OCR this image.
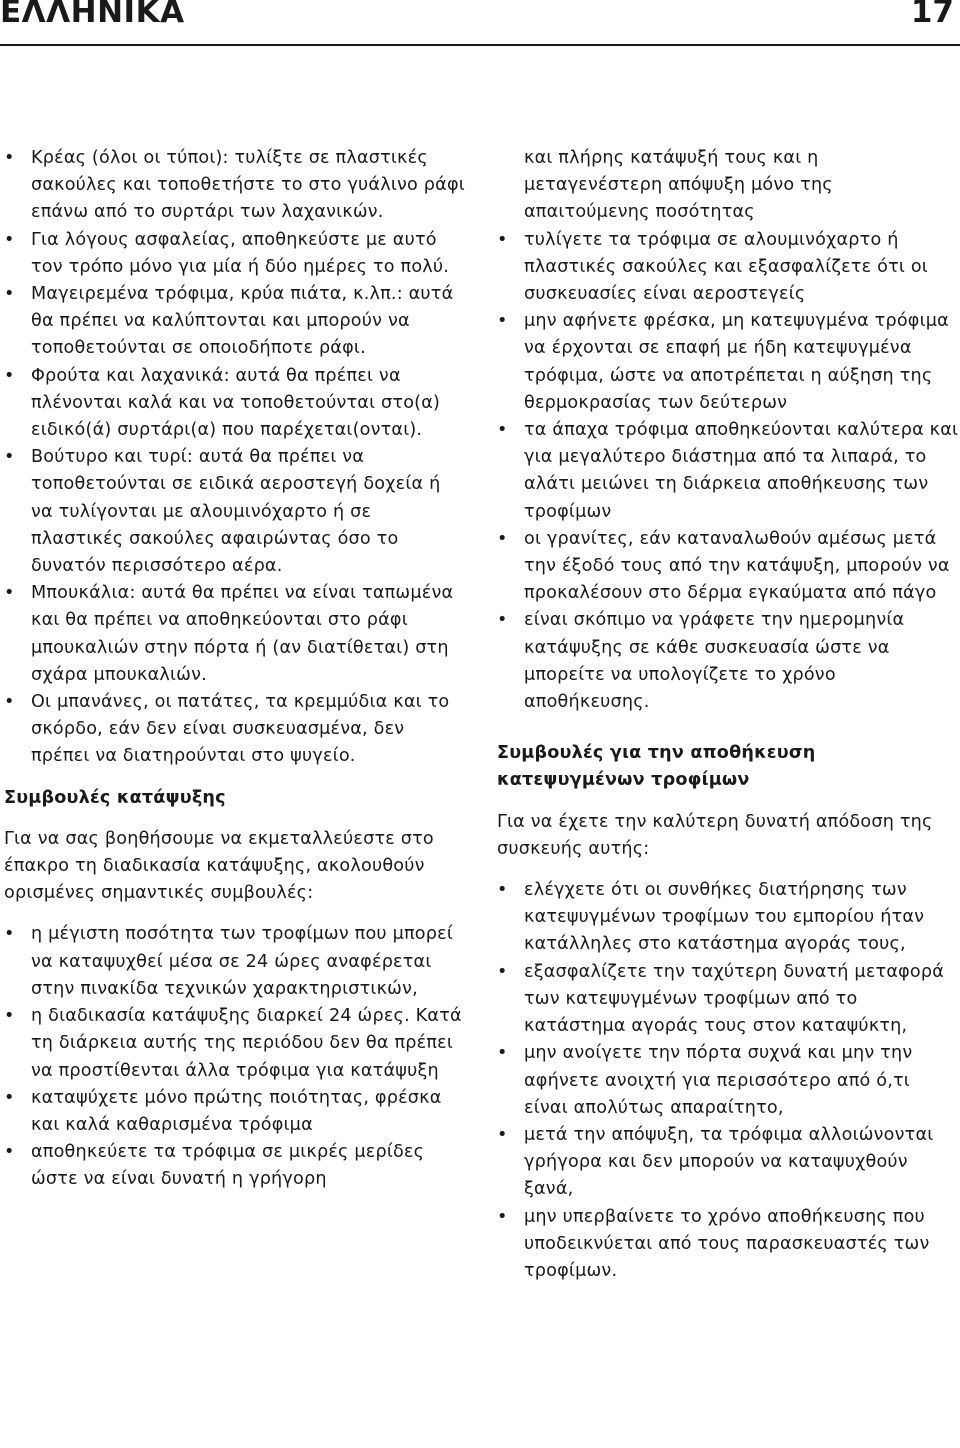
ΕΛΛΗΝΙΚΑ	17
• Κρέας (όλοι οι τύποι): τυλίξτε σε πλαστικές σακούλες και τοποθετήστε το στο γυάλινο ράφι επάνω από το συρτάρι των λαχανικών.
• Για λόγους ασφαλείας, αποθηκεύστε με αυτό τον τρόπο μόνο για μία ή δύο ημέρες το πολύ.
• Μαγειρεμένα τρόφιμα, κρύα πιάτα, κ.λπ.: αυτά θα πρέπει να καλύπτονται και μπορούν να τοποθετούνται σε οποιοδήποτε ράφι.
• Φρούτα και λαχανικά: αυτά θα πρέπει να πλένονται καλά και να τοποθετούνται στο(α) ειδικό(ά) συρτάρι(α) που παρέχεται(ονται).
• Βούτυρο και τυρί: αυτά θα πρέπει να τοποθετούνται σε ειδικά αεροστεγή δοχεία ή να τυλίγονται με αλουμινόχαρτο ή σε πλαστικές σακούλες αφαιρώντας όσο το δυνατόν περισσότερο αέρα.
• Μπουκάλια: αυτά θα πρέπει να είναι ταπωμένα και θα πρέπει να αποθηκεύονται στο ράφι μπουκαλιών στην πόρτα ή (αν διατίθεται) στη σχάρα μπουκαλιών.
• Οι μπανάνες, οι πατάτες, τα κρεμμύδια και το σκόρδο, εάν δεν είναι συσκευασμένα, δεν πρέπει να διατηρούνται στο ψυγείο.
Συμβουλές κατάψυξης
Για να σας βοηθήσουμε να εκμεταλλεύεστε στο έπακρο τη διαδικασία κατάψυξης, ακολουθούν ορισμένες σημαντικές συμβουλές:
• η μέγιστη ποσότητα των τροφίμων που μπορεί να καταψυχθεί μέσα σε 24 ώρες αναφέρεται στην πινακίδα τεχνικών χαρακτηριστικών,
• η διαδικασία κατάψυξης διαρκεί 24 ώρες. Κατά τη διάρκεια αυτής της περιόδου δεν θα πρέπει να προστίθενται άλλα τρόφιμα για κατάψυξη
• καταψύχετε μόνο πρώτης ποιότητας, φρέσκα και καλά καθαρισμένα τρόφιμα
• αποθηκεύετε τα τρόφιμα σε μικρές μερίδες ώστε να είναι δυνατή η γρήγορη
και πλήρης κατάψυξή τους και η μεταγενέστερη απόψυξη μόνο της απαιτούμενης ποσότητας
• τυλίγετε τα τρόφιμα σε αλουμινόχαρτο ή πλαστικές σακούλες και εξασφαλίζετε ότι οι συσκευασίες είναι αεροστεγείς
• μην αφήνετε φρέσκα, μη κατεψυγμένα τρόφιμα να έρχονται σε επαφή με ήδη κατεψυγμένα τρόφιμα, ώστε να αποτρέπεται η αύξηση της θερμοκρασίας των δεύτερων
• τα άπαχα τρόφιμα αποθηκεύονται καλύτερα και για μεγαλύτερο διάστημα από τα λιπαρά, το αλάτι μειώνει τη διάρκεια αποθήκευσης των τροφίμων
• οι γρανίτες, εάν καταναλωθούν αμέσως μετά την έξοδό τους από την κατάψυξη, μπορούν να προκαλέσουν στο δέρμα εγκαύματα από πάγο
• είναι σκόπιμο να γράφετε την ημερομηνία κατάψυξης σε κάθε συσκευασία ώστε να μπορείτε να υπολογίζετε το χρόνο αποθήκευσης.
Συμβουλές για την αποθήκευση κατεψυγμένων τροφίμων
Για να έχετε την καλύτερη δυνατή απόδοση της συσκευής αυτής:
• ελέγχετε ότι οι συνθήκες διατήρησης των κατεψυγμένων τροφίμων του εμπορίου ήταν κατάλληλες στο κατάστημα αγοράς τους,
• εξασφαλίζετε την ταχύτερη δυνατή μεταφορά των κατεψυγμένων τροφίμων από το κατάστημα αγοράς τους στον καταψύκτη,
• μην ανοίγετε την πόρτα συχνά και μην την αφήνετε ανοιχτή για περισσότερο από ό,τι είναι απολύτως απαραίτητο,
• μετά την απόψυξη, τα τρόφιμα αλλοιώνονται γρήγορα και δεν μπορούν να καταψυχθούν ξανά,
• μην υπερβαίνετε το χρόνο αποθήκευσης που υποδεικνύεται από τους παρασκευαστές των τροφίμων.
